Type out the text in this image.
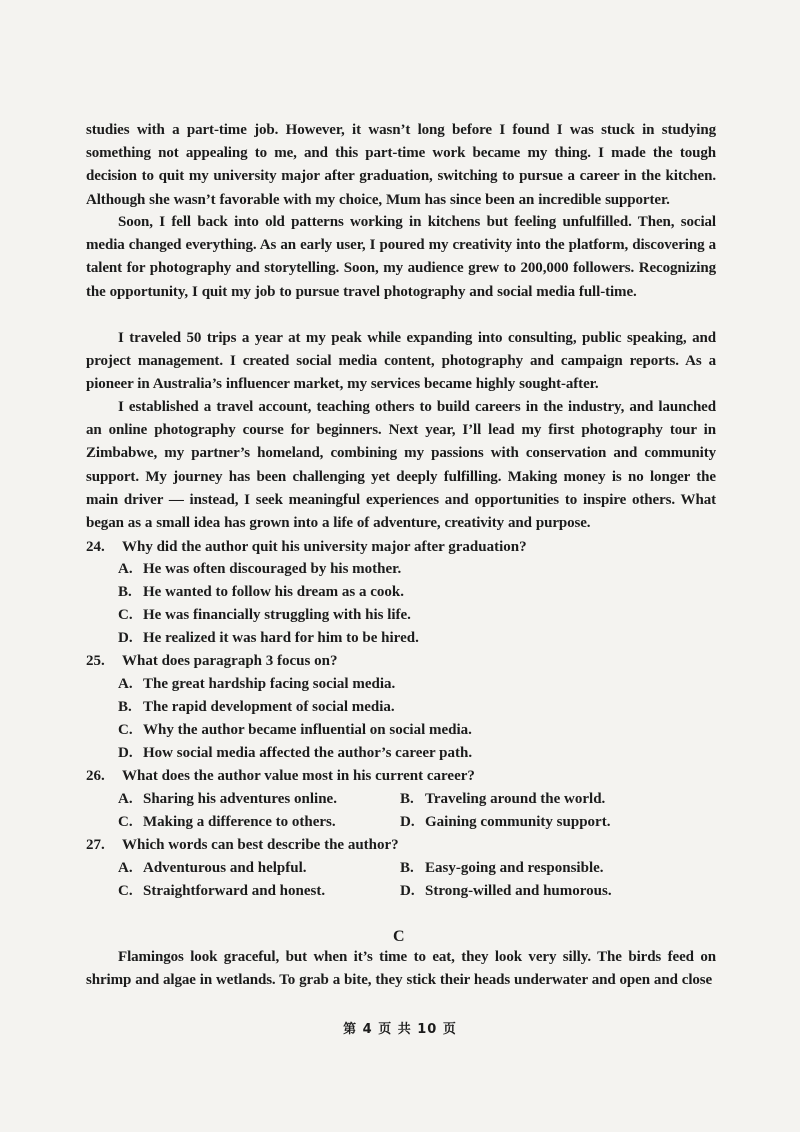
studies with a part-time job. However, it wasn’t long before I found I was stuck in studying something not appealing to me, and this part-time work became my thing. I made the tough decision to quit my university major after graduation, switching to pursue a career in the kitchen. Although she wasn’t favorable with my choice, Mum has since been an incredible supporter.
Soon, I fell back into old patterns working in kitchens but feeling unfulfilled. Then, social media changed everything. As an early user, I poured my creativity into the platform, discovering a talent for photography and storytelling. Soon, my audience grew to 200,000 followers. Recognizing the opportunity, I quit my job to pursue travel photography and social media full-time.
I traveled 50 trips a year at my peak while expanding into consulting, public speaking, and project management. I created social media content, photography and campaign reports. As a pioneer in Australia’s influencer market, my services became highly sought-after.
I established a travel account, teaching others to build careers in the industry, and launched an online photography course for beginners. Next year, I’ll lead my first photography tour in Zimbabwe, my partner’s homeland, combining my passions with conservation and community support. My journey has been challenging yet deeply fulfilling. Making money is no longer the main driver — instead, I seek meaningful experiences and opportunities to inspire others. What began as a small idea has grown into a life of adventure, creativity and purpose.
24. Why did the author quit his university major after graduation?
A. He was often discouraged by his mother.
B. He wanted to follow his dream as a cook.
C. He was financially struggling with his life.
D. He realized it was hard for him to be hired.
25. What does paragraph 3 focus on?
A. The great hardship facing social media.
B. The rapid development of social media.
C. Why the author became influential on social media.
D. How social media affected the author’s career path.
26. What does the author value most in his current career?
A. Sharing his adventures online.	B. Traveling around the world.
C. Making a difference to others.	D. Gaining community support.
27. Which words can best describe the author?
A. Adventurous and helpful.	B. Easy-going and responsible.
C. Straightforward and honest.	D. Strong-willed and humorous.
C
Flamingos look graceful, but when it’s time to eat, they look very silly. The birds feed on shrimp and algae in wetlands. To grab a bite, they stick their heads underwater and open and close
第 4 页 共 10 页
